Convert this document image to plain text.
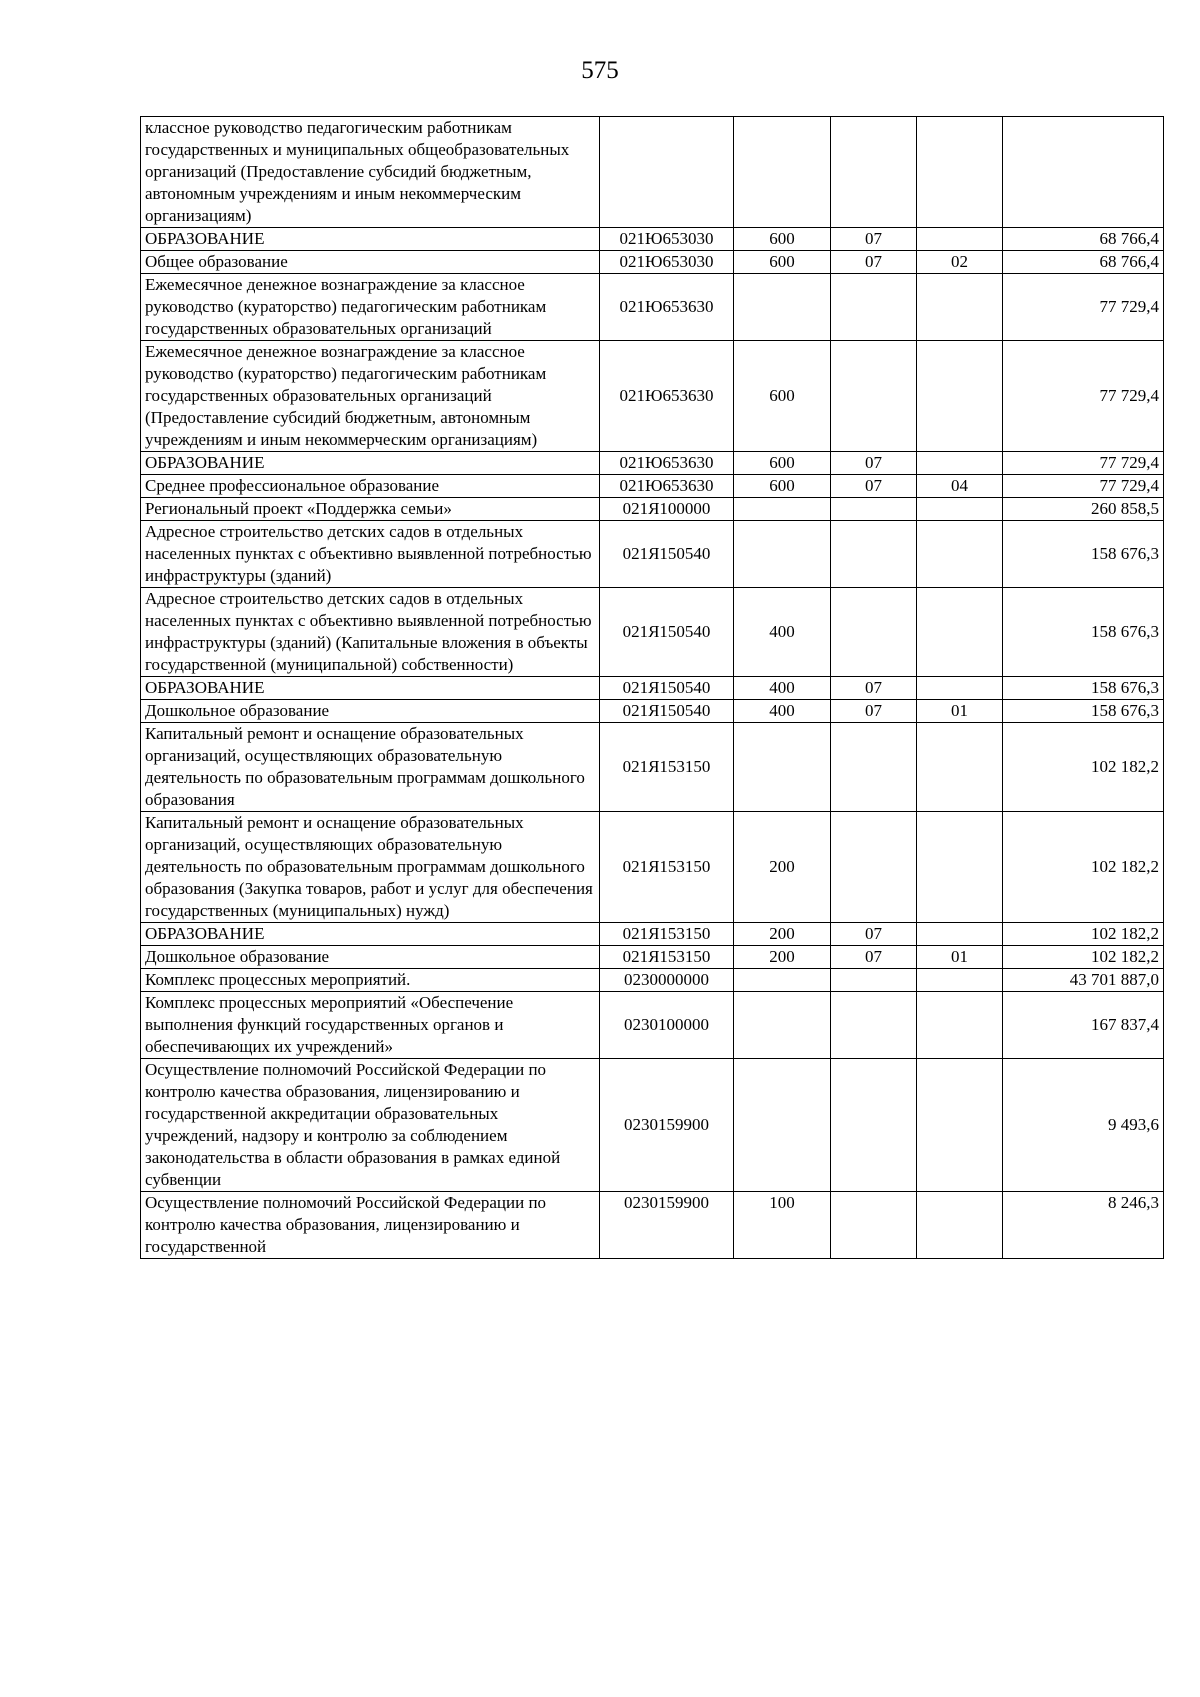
575
классное руководство педагогическим работникам государственных и муниципальных общеобразовательных организаций (Предоставление субсидий бюджетным, автономным учреждениям и иным некоммерческим организациям)					
ОБРАЗОВАНИЕ	021Ю653030	600	07		68 766,4
Общее образование	021Ю653030	600	07	02	68 766,4
Ежемесячное денежное вознаграждение за классное руководство (кураторство) педагогическим работникам государственных образовательных организаций	021Ю653630				77 729,4
Ежемесячное денежное вознаграждение за классное руководство (кураторство) педагогическим работникам государственных образовательных организаций (Предоставление субсидий бюджетным, автономным учреждениям и иным некоммерческим организациям)	021Ю653630	600			77 729,4
ОБРАЗОВАНИЕ	021Ю653630	600	07		77 729,4
Среднее профессиональное образование	021Ю653630	600	07	04	77 729,4
Региональный проект «Поддержка семьи»	021Я100000				260 858,5
Адресное строительство детских садов в отдельных населенных пунктах с объективно выявленной потребностью инфраструктуры (зданий)	021Я150540				158 676,3
Адресное строительство детских садов в отдельных населенных пунктах с объективно выявленной потребностью инфраструктуры (зданий) (Капитальные вложения в объекты государственной (муниципальной) собственности)	021Я150540	400			158 676,3
ОБРАЗОВАНИЕ	021Я150540	400	07		158 676,3
Дошкольное образование	021Я150540	400	07	01	158 676,3
Капитальный ремонт и оснащение образовательных организаций, осуществляющих образовательную деятельность по образовательным программам дошкольного образования	021Я153150				102 182,2
Капитальный ремонт и оснащение образовательных организаций, осуществляющих образовательную деятельность по образовательным программам дошкольного образования (Закупка товаров, работ и услуг для обеспечения государственных (муниципальных) нужд)	021Я153150	200			102 182,2
ОБРАЗОВАНИЕ	021Я153150	200	07		102 182,2
Дошкольное образование	021Я153150	200	07	01	102 182,2
Комплекс процессных мероприятий.	0230000000				43 701 887,0
Комплекс процессных мероприятий «Обеспечение выполнения функций государственных органов и обеспечивающих их учреждений»	0230100000				167 837,4
Осуществление полномочий Российской Федерации по контролю качества образования, лицензированию и государственной аккредитации образовательных учреждений, надзору и контролю за соблюдением законодательства в области образования в рамках единой субвенции	0230159900				9 493,6
Осуществление полномочий Российской Федерации по контролю качества образования, лицензированию и государственной	0230159900	100			8 246,3
